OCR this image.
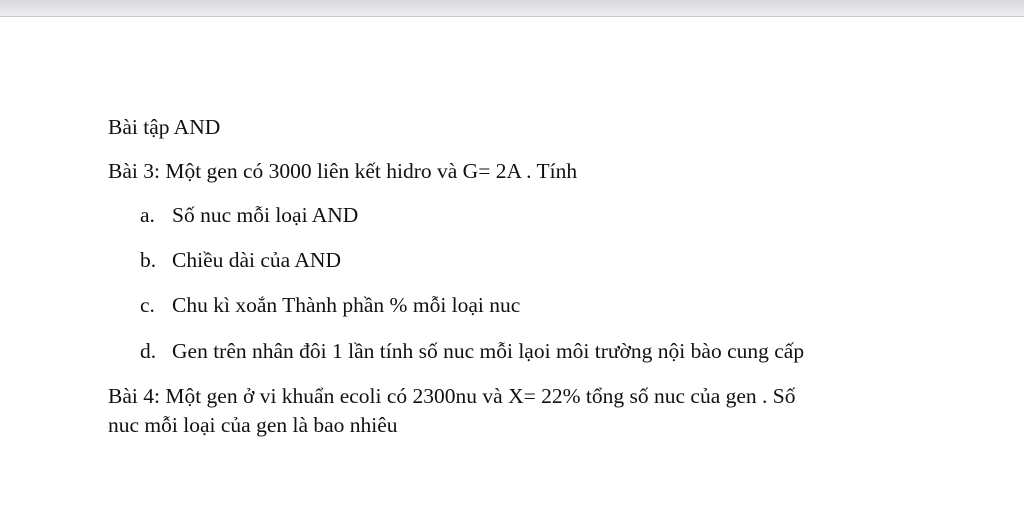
Bài tập AND
Bài 3: Một gen có 3000 liên kết hidro và G= 2A . Tính
a. Số nuc mỗi loại AND
b. Chiều dài của AND
c. Chu kì xoắn Thành phần % mỗi loại nuc
d. Gen trên nhân đôi 1 lần tính số nuc mỗi lạoi môi trường nội bào cung cấp
Bài 4: Một gen ở vi khuẩn ecoli có 2300nu và X= 22% tổng số nuc của gen . Số
nuc mỗi loại của gen là bao nhiêu
